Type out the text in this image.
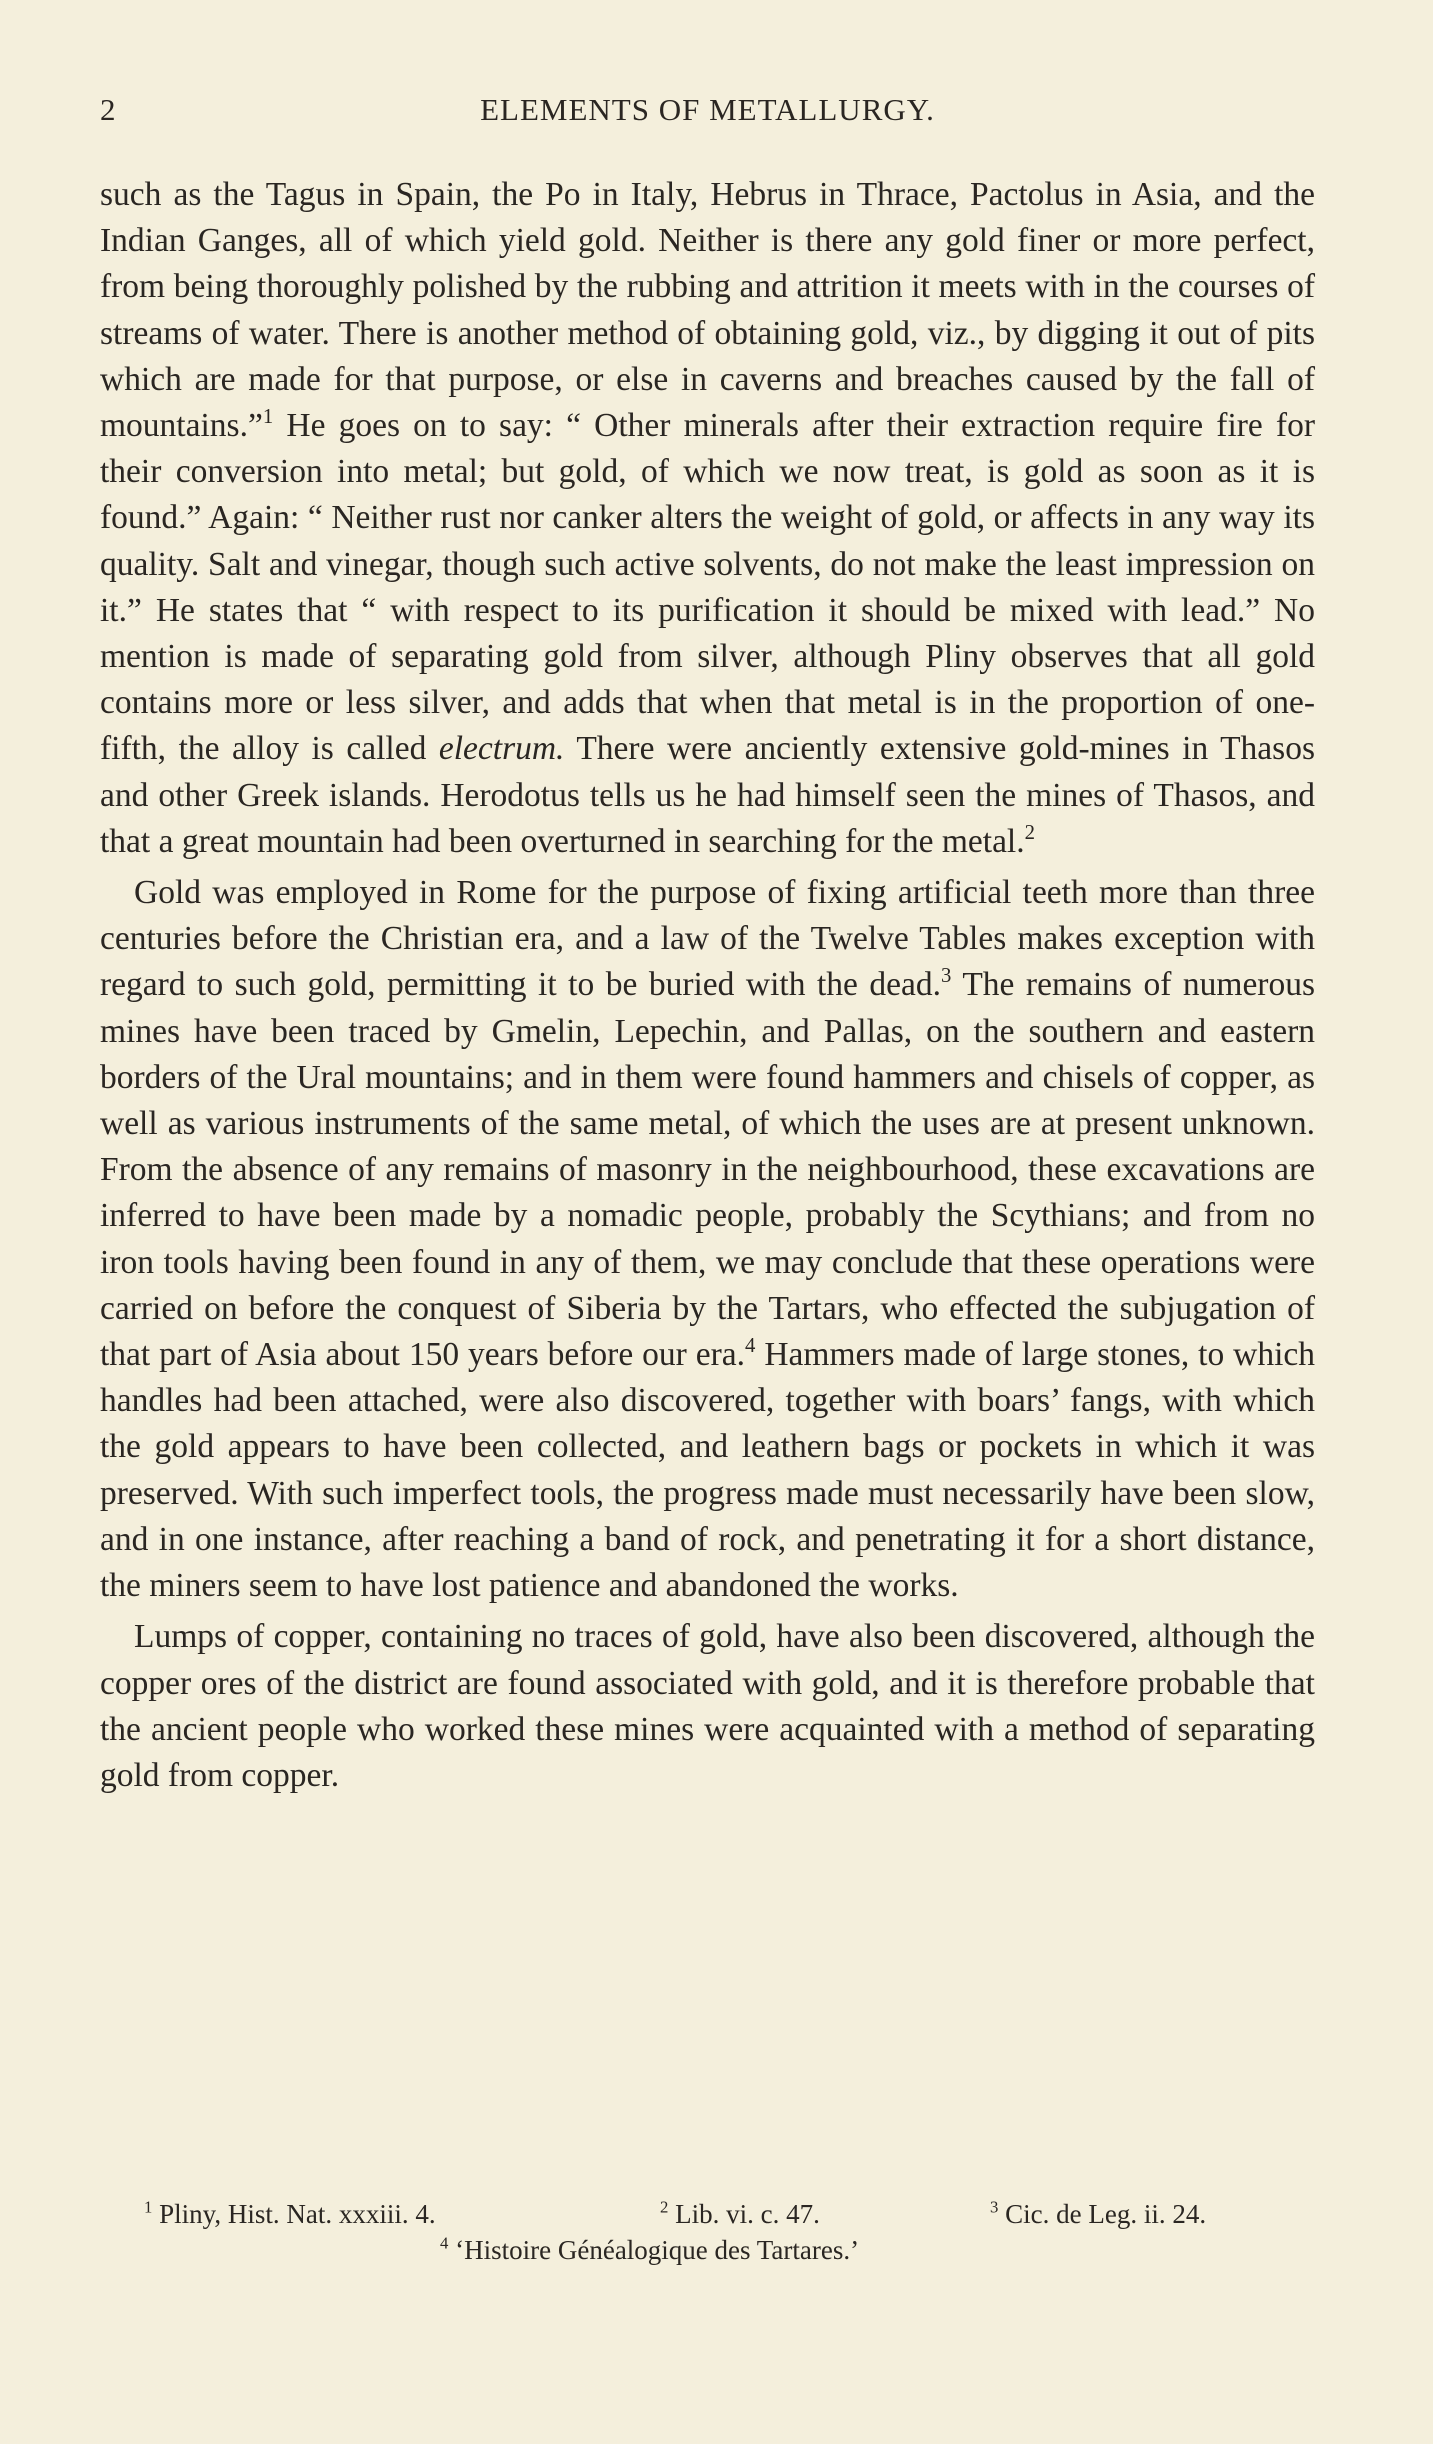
2	ELEMENTS OF METALLURGY.

such as the Tagus in Spain, the Po in Italy, Hebrus in Thrace, Pactolus in Asia, and the Indian Ganges, all of which yield gold. Neither is there any gold finer or more perfect, from being thoroughly polished by the rubbing and attrition it meets with in the courses of streams of water. There is another method of obtaining gold, viz., by digging it out of pits which are made for that purpose, or else in caverns and breaches caused by the fall of mountains.”$^1$ He goes on to say: “ Other minerals after their extraction require fire for their conversion into metal; but gold, of which we now treat, is gold as soon as it is found.” Again: “ Neither rust nor canker alters the weight of gold, or affects in any way its quality. Salt and vinegar, though such active solvents, do not make the least impression on it.” He states that “ with respect to its purification it should be mixed with lead.” No mention is made of separating gold from silver, although Pliny observes that all gold contains more or less silver, and adds that when that metal is in the proportion of one-fifth, the alloy is called electrum. There were anciently extensive gold-mines in Thasos and other Greek islands. Herodotus tells us he had himself seen the mines of Thasos, and that a great mountain had been overturned in searching for the metal.$^2$

Gold was employed in Rome for the purpose of fixing artificial teeth more than three centuries before the Christian era, and a law of the Twelve Tables makes exception with regard to such gold, permitting it to be buried with the dead.$^3$ The remains of numerous mines have been traced by Gmelin, Lepechin, and Pallas, on the southern and eastern borders of the Ural mountains; and in them were found hammers and chisels of copper, as well as various instruments of the same metal, of which the uses are at present unknown. From the absence of any remains of masonry in the neighbourhood, these excavations are inferred to have been made by a nomadic people, probably the Scythians; and from no iron tools having been found in any of them, we may conclude that these operations were carried on before the conquest of Siberia by the Tartars, who effected the subjugation of that part of Asia about 150 years before our era.$^4$ Hammers made of large stones, to which handles had been attached, were also discovered, together with boars’ fangs, with which the gold appears to have been collected, and leathern bags or pockets in which it was preserved. With such imperfect tools, the progress made must necessarily have been slow, and in one instance, after reaching a band of rock, and penetrating it for a short distance, the miners seem to have lost patience and abandoned the works.

Lumps of copper, containing no traces of gold, have also been discovered, although the copper ores of the district are found associated with gold, and it is therefore probable that the ancient people who worked these mines were acquainted with a method of separating gold from copper.

$^1$ Pliny, Hist. Nat. xxxiii. 4.	$^2$ Lib. vi. c. 47.	$^3$ Cic. de Leg. ii. 24.
$^4$ ‘Histoire Généalogique des Tartares.’
